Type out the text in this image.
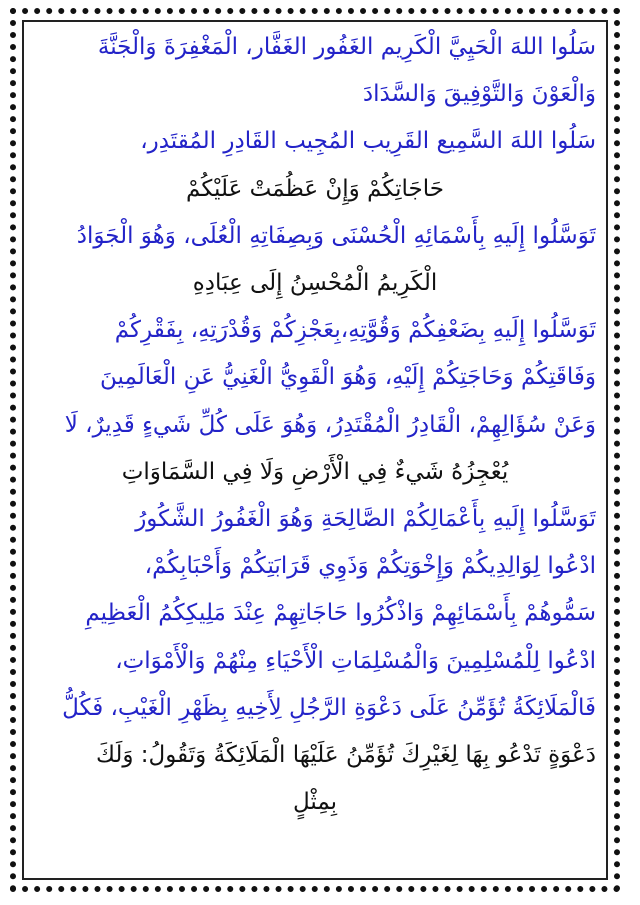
سَلُوا اللهَ الْحَيِيَّ الْكَرِيم الغَفُور الغَفَّار، الْمَغْفِرَةَ وَالْجَنَّةَ

وَالْعَوْنَ وَالتَّوْفِيقَ وَالسَّدَادَ

سَلُوا اللهَ السَّمِيع القَرِيب المُجِيب القَادِرِ المُقتَدِر،

حَاجَاتِكُمْ وَإِنْ عَظُمَتْ عَلَيْكُمْ

تَوَسَّلُوا إِلَيهِ بِأَسْمَائِهِ الْحُسْنَى وَبِصِفَاتِهِ الْعُلَى، وَهُوَ الْجَوَادُ

الْكَرِيمُ الْمُحْسِنُ إِلَى عِبَادِهِ

تَوَسَّلُوا إِلَيهِ بِضَعْفِكُمْ وَقُوَّتِهِ،بِعَجْزِكُمْ وَقُدْرَتِهِ، بِفَقْرِكُمْ

وَفَاقَتِكُمْ وَحَاجَتِكُمْ إِلَيْهِ، وَهُوَ الْقَوِيُّ الْغَنِيُّ عَنِ الْعَالَمِينَ

وَعَنْ سُؤَالِهِمْ، الْقَادِرُ الْمُقْتَدِرُ، وَهُوَ عَلَى كُلِّ شَيءٍ قَدِيرٌ، لَا

يُعْجِزُهُ شَيءٌ فِي الْأَرْضِ وَلَا فِي السَّمَاوَاتِ

تَوَسَّلُوا إِلَيهِ بِأَعْمَالِكُمْ الصَّالِحَةِ وَهُوَ الْغَفُورُ الشَّكُورُ

ادْعُوا لِوَالِدِيكُمْ وَإِخْوَتِكُمْ وَذَوِي قَرَابَتِكُمْ وَأَحْبَابِكُمْ،

سَمُّوهُمْ بِأَسْمَائِهِمْ وَاذْكُرُوا حَاجَاتِهِمْ عِنْدَ مَلِيكِكُمُ الْعَظِيمِ

ادْعُوا لِلْمُسْلِمِينَ وَالْمُسْلِمَاتِ الْأَحْيَاءِ مِنْهُمْ وَالْأَمْوَاتِ،

فَالْمَلَائِكَةُ تُؤَمِّنُ عَلَى دَعْوَةِ الرَّجُلِ لِأَخِيهِ بِظَهْرِ الْغَيْبِ، فَكُلُّ

دَعْوَةٍ تَدْعُو بِهَا لِغَيْرِكَ تُؤَمِّنُ عَلَيْهَا الْمَلَائِكَةُ وَتَقُولُ: وَلَكَ

بِمِثْلٍ
